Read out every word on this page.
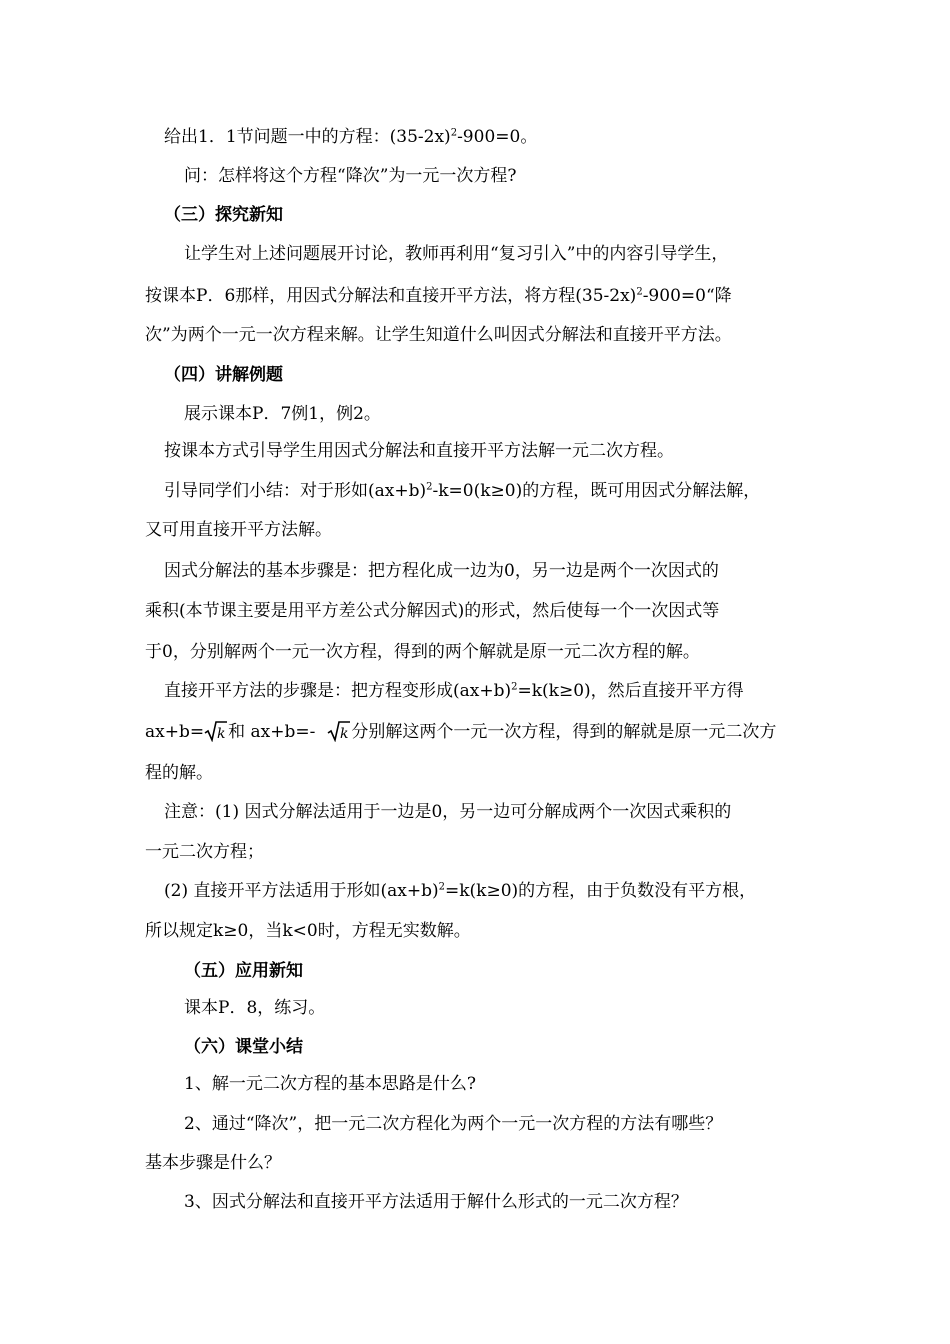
给出1．1节问题一中的方程：$(35-2x)^2-900=0$。
问：怎样将这个方程“降次”为一元一次方程?
（三）探究新知
让学生对上述问题展开讨论，教师再利用“复习引入”中的内容引导学生，
按课本P．6那样，用因式分解法和直接开平方法，将方程$(35-2x)^2-900=0“$降
次”为两个一元一次方程来解。让学生知道什么叫因式分解法和直接开平方法。
（四）讲解例题
展示课本P．7例1，例2。
按课本方式引导学生用因式分解法和直接开平方法解一元二次方程。
引导同学们小结：对于形如$(ax+b)^2-k=0(k\ge 0)$的方程，既可用因式分解法解，
又可用直接开平方法解。
因式分解法的基本步骤是：把方程化成一边为0，另一边是两个一次因式的
乘积(本节课主要是用平方差公式分解因式)的形式，然后使每一个一次因式等
于0，分别解两个一元一次方程，得到的两个解就是原一元二次方程的解。
直接开平方法的步骤是：把方程变形成$(ax+b)^2=k(k\ge 0)$，然后直接开平方得
ax+b= k 和 ax+b=- k 分别解这两个一元一次方程，得到的解就是原一元二次方
程的解。
注意：(1) 因式分解法适用于一边是0，另一边可分解成两个一次因式乘积的
一元二次方程；
(2) 直接开平方法适用于形如$(ax+b)^2=k(k\ge 0)$的方程，由于负数没有平方根，
所以规定k≥0，当k<0时，方程无实数解。
（五）应用新知
课本P．8，练习。
（六）课堂小结
1、解一元二次方程的基本思路是什么?
2、通过“降次”，把一元二次方程化为两个一元一次方程的方法有哪些？
基本步骤是什么？
3、因式分解法和直接开平方法适用于解什么形式的一元二次方程？
